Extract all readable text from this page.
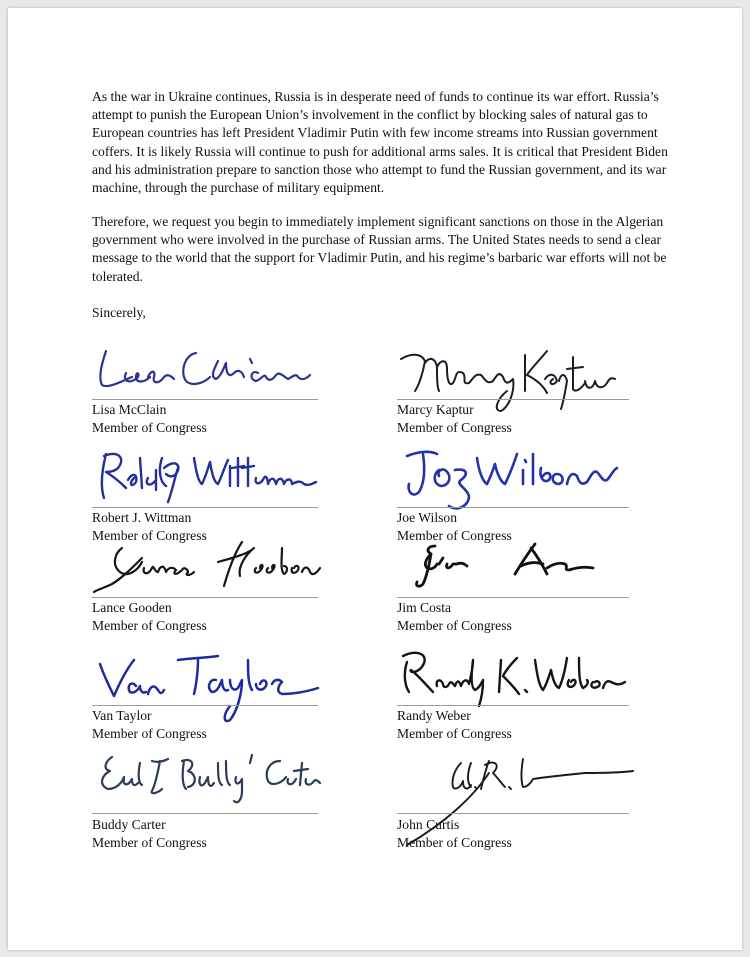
As the war in Ukraine continues, Russia is in desperate need of funds to continue its war effort. Russia’s attempt to punish the European Union’s involvement in the conflict by blocking sales of natural gas to European countries has left President Vladimir Putin with few income streams into Russian government coffers. It is likely Russia will continue to push for additional arms sales. It is critical that President Biden and his administration prepare to sanction those who attempt to fund the Russian government, and its war machine, through the purchase of military equipment.
Therefore, we request you begin to immediately implement significant sanctions on those in the Algerian government who were involved in the purchase of Russian arms. The United States needs to send a clear message to the world that the support for Vladimir Putin, and his regime’s barbaric war efforts will not be tolerated.
Sincerely,
Lisa McClain
Member of Congress
Marcy Kaptur
Member of Congress
Robert J. Wittman
Member of Congress
Joe Wilson
Member of Congress
Lance Gooden
Member of Congress
Jim Costa
Member of Congress
Van Taylor
Member of Congress
Randy Weber
Member of Congress
Buddy Carter
Member of Congress
John Curtis
Member of Congress
